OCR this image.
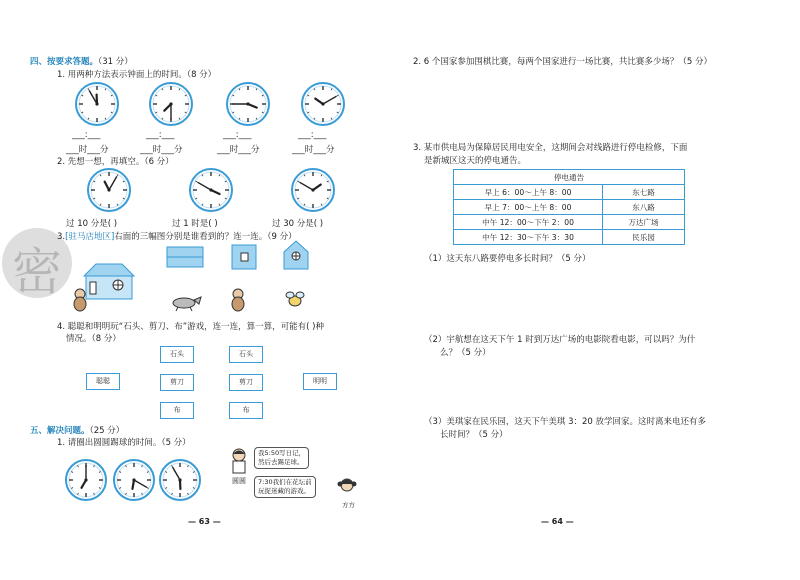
密
四、按要求答题。（31 分）
1. 用两种方法表示钟面上的时间。（8 分）
___:___	___:___	___:___	___:___
___时___分	___时___分	___时___分	___时___分
2. 先想一想，再填空。（6 分）
过 10 分是( )	过 1 时是( )	过 30 分是( )
3.[驻马店地区]右面的三幅图分别是谁看到的？连一连。（9 分）
4. 聪聪和明明玩“石头、剪刀、布”游戏，连一连，算一算，可能有( )种
情况。（8 分）
聪聪	明明
石头
剪刀
布
石头
剪刀
布
五、解决问题。（25 分）
1. 请圈出圆圆踢球的时间。（5 分）
圆圆
我5:50写日记，
然后去踢足球。
7:30我们在花坛前
玩捉迷藏的游戏。
方方
— 63 —
2. 6 个国家参加围棋比赛，每两个国家进行一场比赛，共比赛多少场？（5 分）
3. 某市供电局为保障居民用电安全，这期间会对线路进行停电检修，下面
是新城区这天的停电通告。
停电通告	
早上 6：00～上午 8：00	东七路
早上 7：00～上午 8：00	东八路
中午 12：00～下午 2：00	万达广场
中午 12：30～下午 3：30	民乐园
（1）这天东八路要停电多长时间？（5 分）
（2）宇航想在这天下午 1 时到万达广场的电影院看电影，可以吗？为什
么？（5 分）
（3）美琪家在民乐园，这天下午美琪 3：20 放学回家。这时离来电还有多
长时间？（5 分）
— 64 —
